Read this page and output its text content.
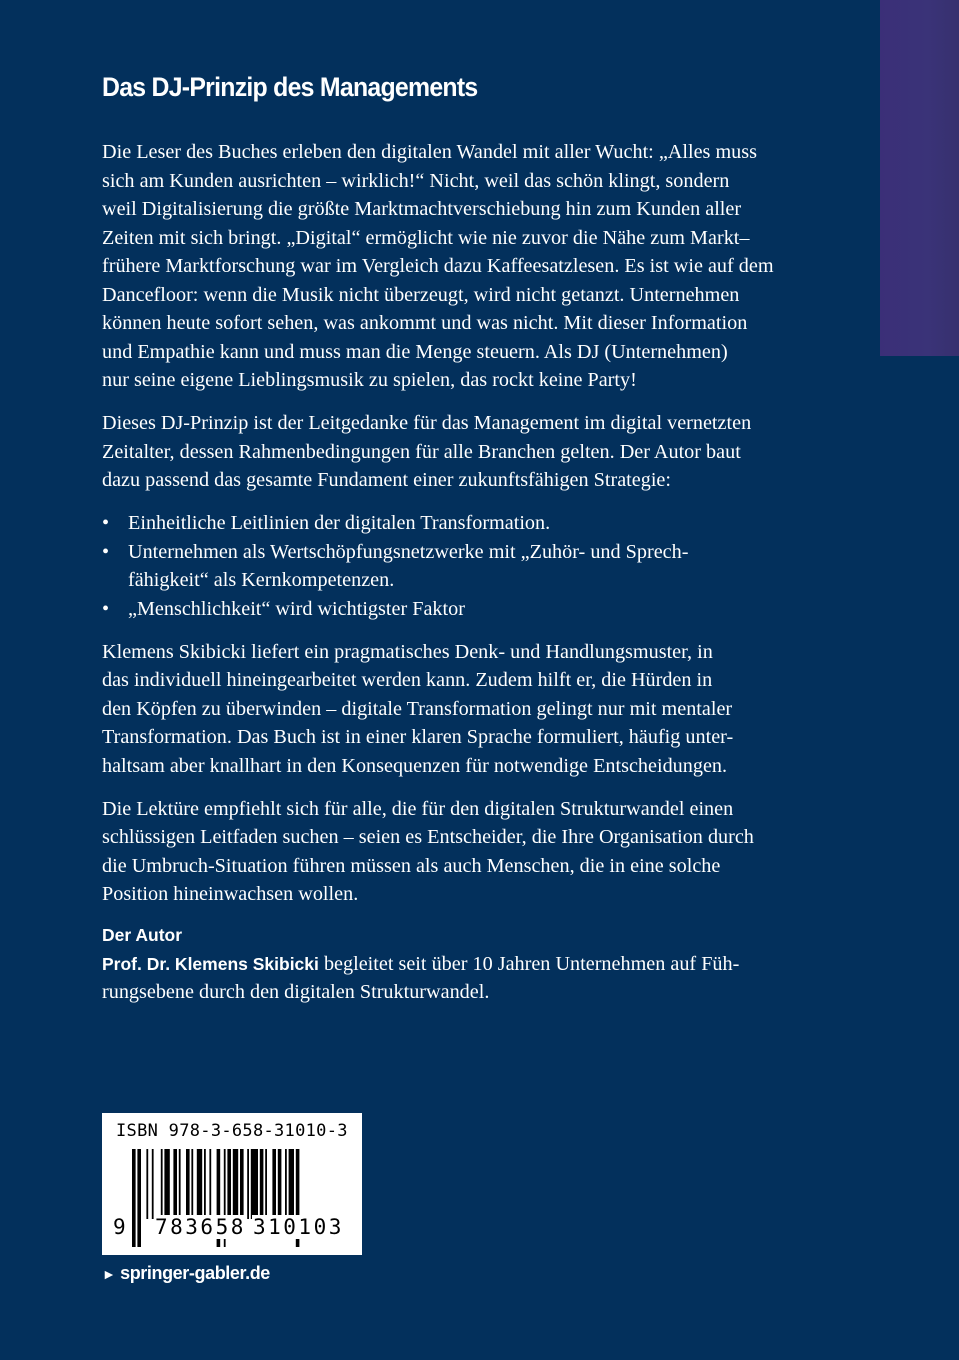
Das DJ-Prinzip des Managements
Die Leser des Buches erleben den digitalen Wandel mit aller Wucht: „Alles muss
sich am Kunden ausrichten – wirklich!“ Nicht, weil das schön klingt, sondern
weil Digitalisierung die größte Marktmachtverschiebung hin zum Kunden aller
Zeiten mit sich bringt. „Digital“ ermöglicht wie nie zuvor die Nähe zum Markt–
frühere Marktforschung war im Vergleich dazu Kaffeesatzlesen. Es ist wie auf dem
Dancefloor: wenn die Musik nicht überzeugt, wird nicht getanzt. Unternehmen
können heute sofort sehen, was ankommt und was nicht. Mit dieser Information
und Empathie kann und muss man die Menge steuern. Als DJ (Unternehmen)
nur seine eigene Lieblingsmusik zu spielen, das rockt keine Party!
Dieses DJ-Prinzip ist der Leitgedanke für das Management im digital vernetzten
Zeitalter, dessen Rahmenbedingungen für alle Branchen gelten. Der Autor baut
dazu passend das gesamte Fundament einer zukunftsfähigen Strategie:
• Einheitliche Leitlinien der digitalen Transformation.
• Unternehmen als Wertschöpfungsnetzwerke mit „Zuhör- und Sprech-
fähigkeit“ als Kernkompetenzen.
• „Menschlichkeit“ wird wichtigster Faktor
Klemens Skibicki liefert ein pragmatisches Denk- und Handlungsmuster, in
das individuell hineingearbeitet werden kann. Zudem hilft er, die Hürden in
den Köpfen zu überwinden – digitale Transformation gelingt nur mit mentaler
Transformation. Das Buch ist in einer klaren Sprache formuliert, häufig unter-
haltsam aber knallhart in den Konsequenzen für notwendige Entscheidungen.
Die Lektüre empfiehlt sich für alle, die für den digitalen Strukturwandel einen
schlüssigen Leitfaden suchen – seien es Entscheider, die Ihre Organisation durch
die Umbruch-Situation führen müssen als auch Menschen, die in eine solche
Position hineinwachsen wollen.
Der Autor
Prof. Dr. Klemens Skibicki begleitet seit über 10 Jahren Unternehmen auf Füh-
rungsebene durch den digitalen Strukturwandel.
ISBN 978-3-658-31010-3
9 783658 310103
► springer-gabler.de
